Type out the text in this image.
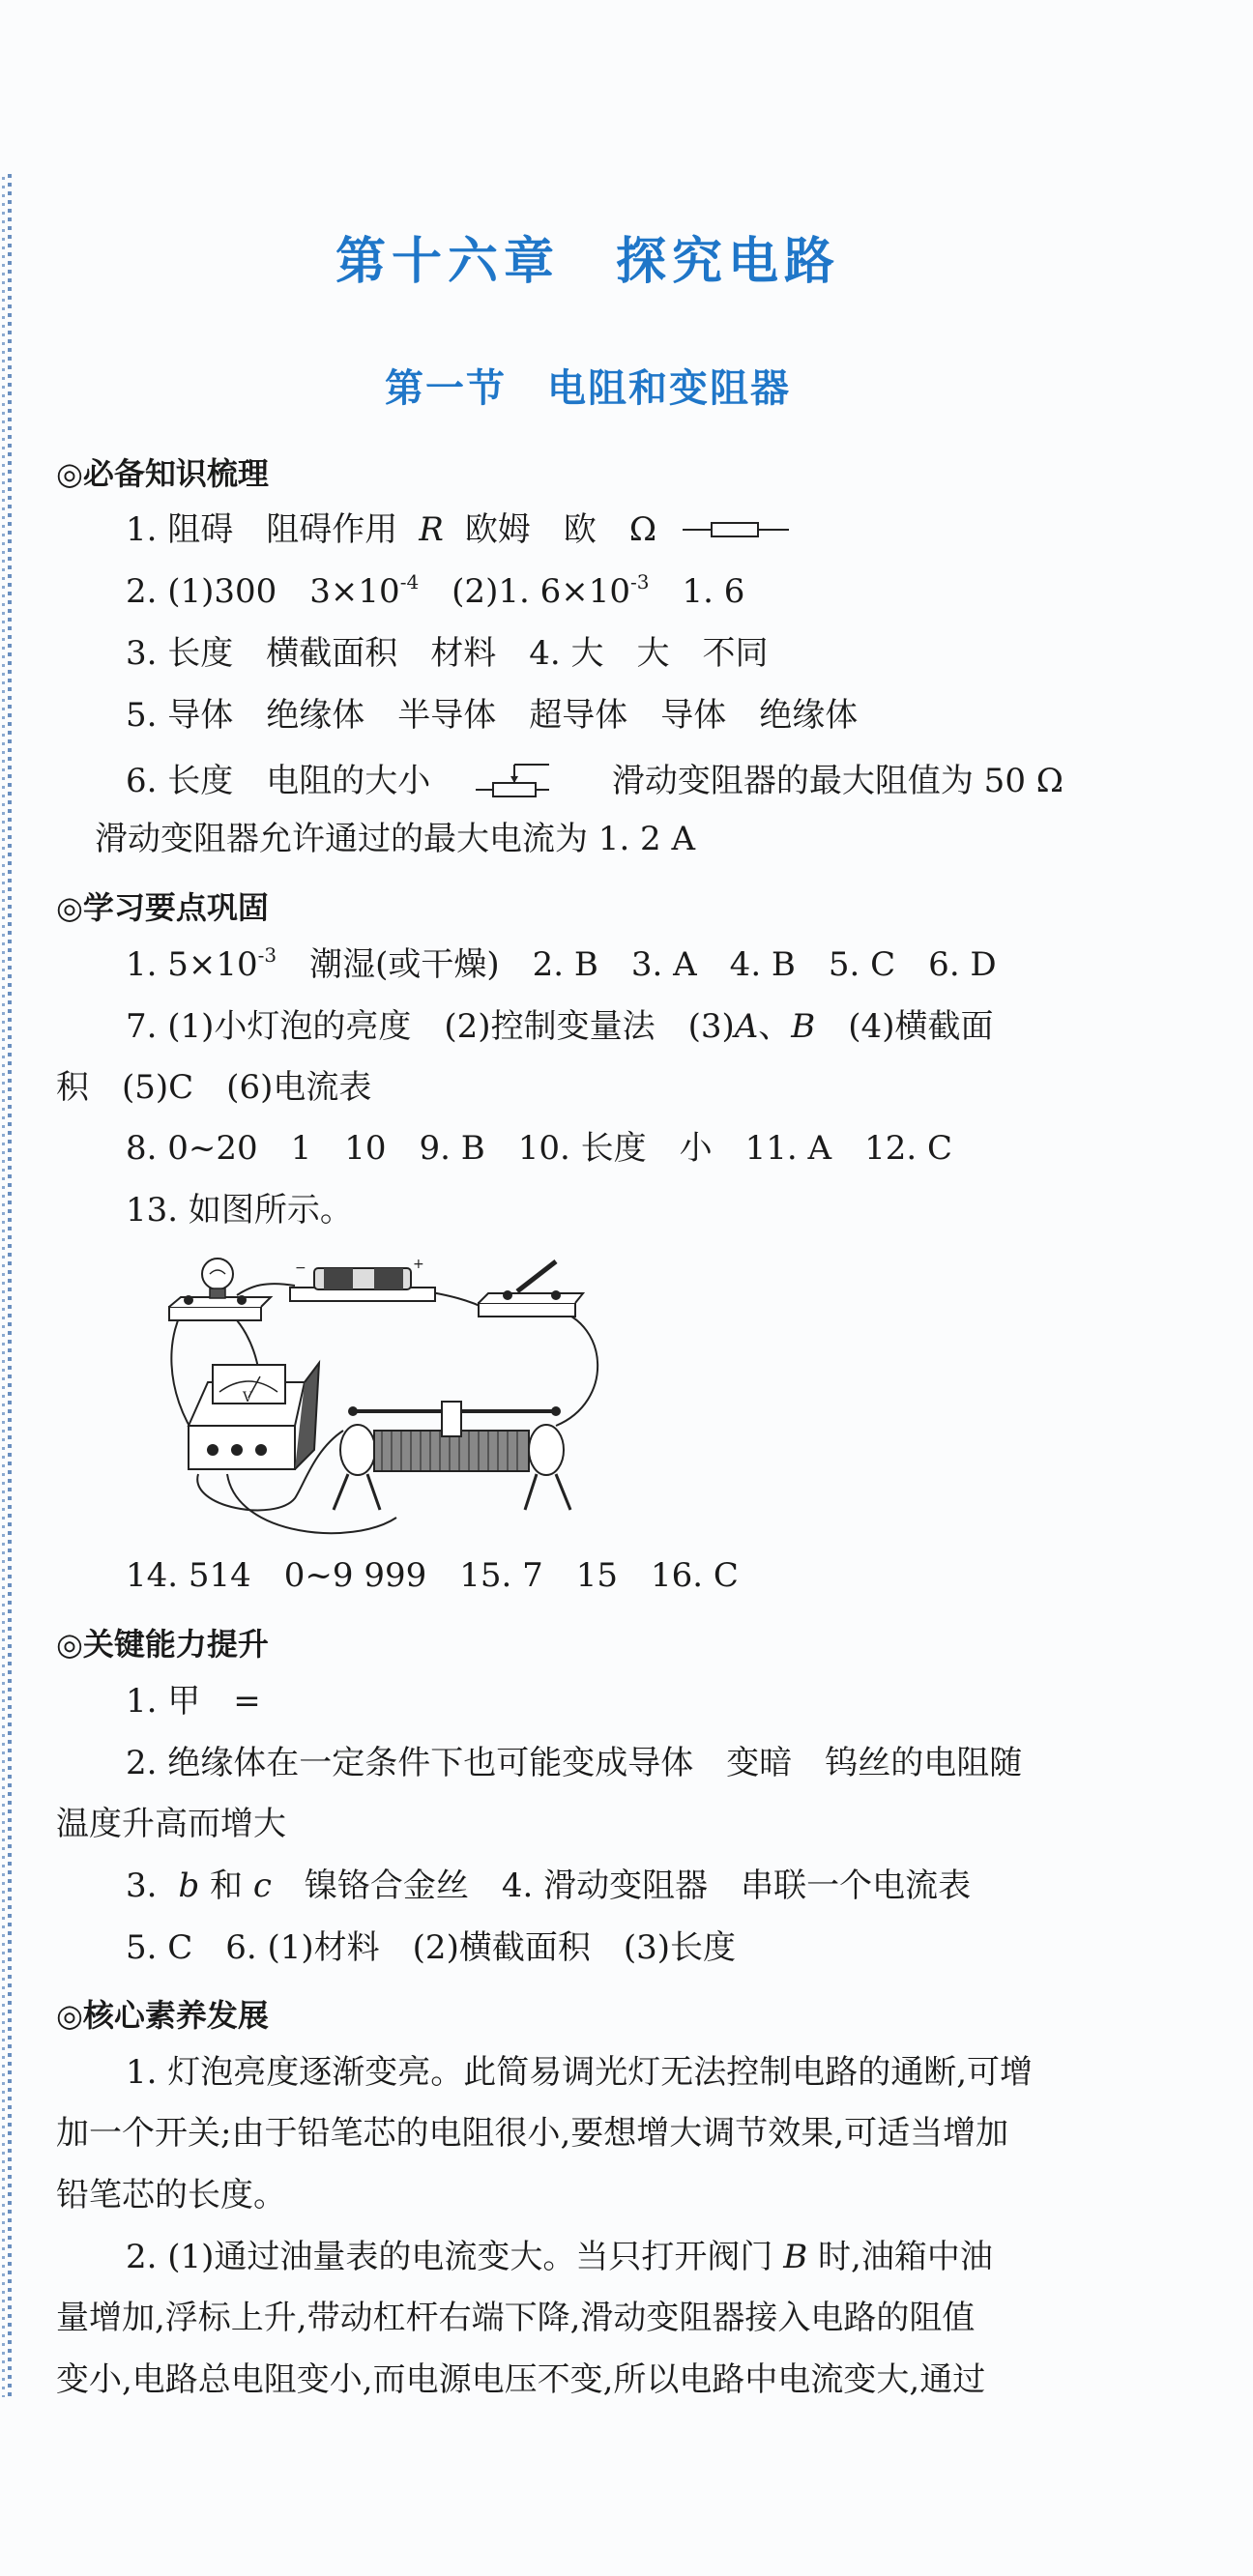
第十六章　探究电路
第一节　电阻和变阻器
◎必备知识梳理
1. 阻碍　阻碍作用 R 欧姆　欧　Ω
2. (1)300　$3\times 10^{-4}$　(2)1. $6\times 10^{-3}$　1. 6
3. 长度　横截面积　材料　4. 大　大　不同
5. 导体　绝缘体　半导体　超导体　导体　绝缘体
6. 长度　电阻的大小	滑动变阻器的最大阻值为 50 Ω
滑动变阻器允许通过的最大电流为 1. 2 A
◎学习要点巩固
1. $5\times 10^{-3}$　潮湿(或干燥)　2. B　3. A　4. B　5. C　6. D
7. (1)小灯泡的亮度　(2)控制变量法　(3)A、B　(4)横截面
积　(5)C　(6)电流表
8. 0~20　1　10　9. B　10. 长度　小　11. A　12. C
13. 如图所示。
−	+
V
14. 514　0~9 999　15. 7　15　16. C
◎关键能力提升
1. 甲　=
2. 绝缘体在一定条件下也可能变成导体　变暗　钨丝的电阻随
温度升高而增大
3. b 和 c 镍铬合金丝　4. 滑动变阻器　串联一个电流表
5. C　6. (1)材料　(2)横截面积　(3)长度
◎核心素养发展
1. 灯泡亮度逐渐变亮。此简易调光灯无法控制电路的通断,可增
加一个开关;由于铅笔芯的电阻很小,要想增大调节效果,可适当增加
铅笔芯的长度。
2. (1)通过油量表的电流变大。当只打开阀门 B 时,油箱中油
量增加,浮标上升,带动杠杆右端下降,滑动变阻器接入电路的阻值
变小,电路总电阻变小,而电源电压不变,所以电路中电流变大,通过
